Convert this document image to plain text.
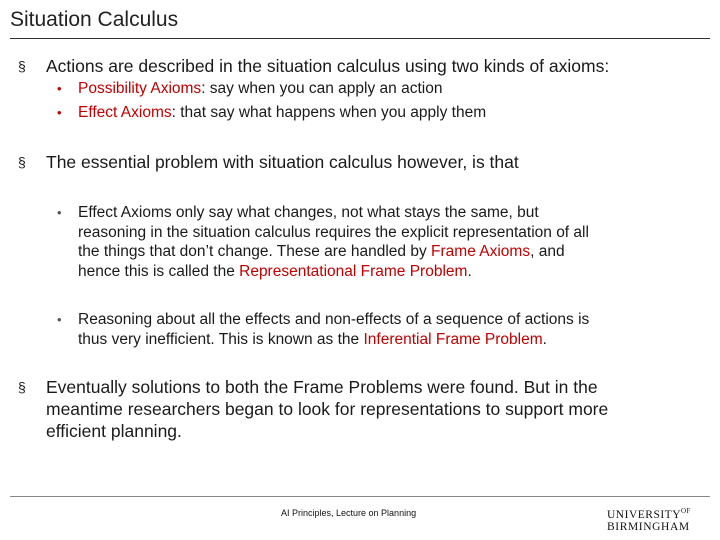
Situation Calculus
§ Actions are described in the situation calculus using two kinds of axioms:
• Possibility Axioms: say when you can apply an action
• Effect Axioms: that say what happens when you apply them
§ The essential problem with situation calculus however, is that
• Effect Axioms only say what changes, not what stays the same, but
reasoning in the situation calculus requires the explicit representation of all
the things that don’t change. These are handled by Frame Axioms, and
hence this is called the Representational Frame Problem.
• Reasoning about all the effects and non-effects of a sequence of actions is
thus very inefficient. This is known as the Inferential Frame Problem.
§ Eventually solutions to both the Frame Problems were found. But in the
meantime researchers began to look for representations to support more
efficient planning.
AI Principles, Lecture on Planning	$UNIVERSITY^{OF}$
BIRMINGHAM
